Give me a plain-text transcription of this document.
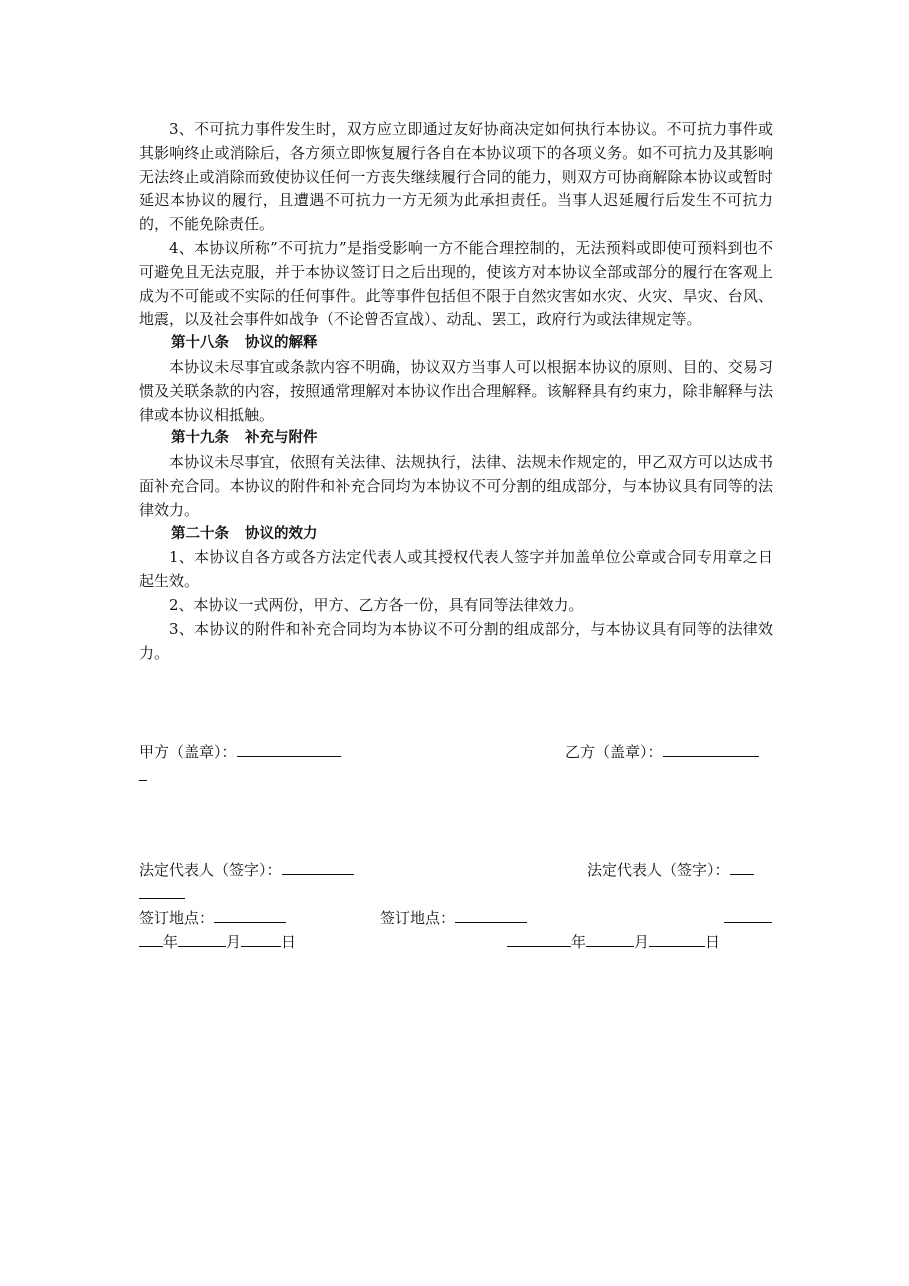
3、不可抗力事件发生时，双方应立即通过友好协商决定如何执行本协议。不可抗力事件或其影响终止或消除后，各方须立即恢复履行各自在本协议项下的各项义务。如不可抗力及其影响无法终止或消除而致使协议任何一方丧失继续履行合同的能力，则双方可协商解除本协议或暂时延迟本协议的履行，且遭遇不可抗力一方无须为此承担责任。当事人迟延履行后发生不可抗力的，不能免除责任。

4、本协议所称”不可抗力”是指受影响一方不能合理控制的，无法预料或即使可预料到也不可避免且无法克服，并于本协议签订日之后出现的，使该方对本协议全部或部分的履行在客观上成为不可能或不实际的任何事件。此等事件包括但不限于自然灾害如水灾、火灾、旱灾、台风、地震，以及社会事件如战争（不论曾否宣战）、动乱、罢工，政府行为或法律规定等。

第十八条 协议的解释

本协议未尽事宜或条款内容不明确，协议双方当事人可以根据本协议的原则、目的、交易习惯及关联条款的内容，按照通常理解对本协议作出合理解释。该解释具有约束力，除非解释与法律或本协议相抵触。

第十九条 补充与附件

本协议未尽事宜，依照有关法律、法规执行，法律、法规未作规定的，甲乙双方可以达成书面补充合同。本协议的附件和补充合同均为本协议不可分割的组成部分，与本协议具有同等的法律效力。

第二十条 协议的效力

1、本协议自各方或各方法定代表人或其授权代表人签字并加盖单位公章或合同专用章之日起生效。

2、本协议一式两份，甲方、乙方各一份，具有同等法律效力。

3、本协议的附件和补充合同均为本协议不可分割的组成部分，与本协议具有同等的法律效力。

甲方（盖章）：	乙方（盖章）：
法定代表人（签字）：	法定代表人（签字）：
签订地点：	签订地点：
年	月	日	年	月	日
